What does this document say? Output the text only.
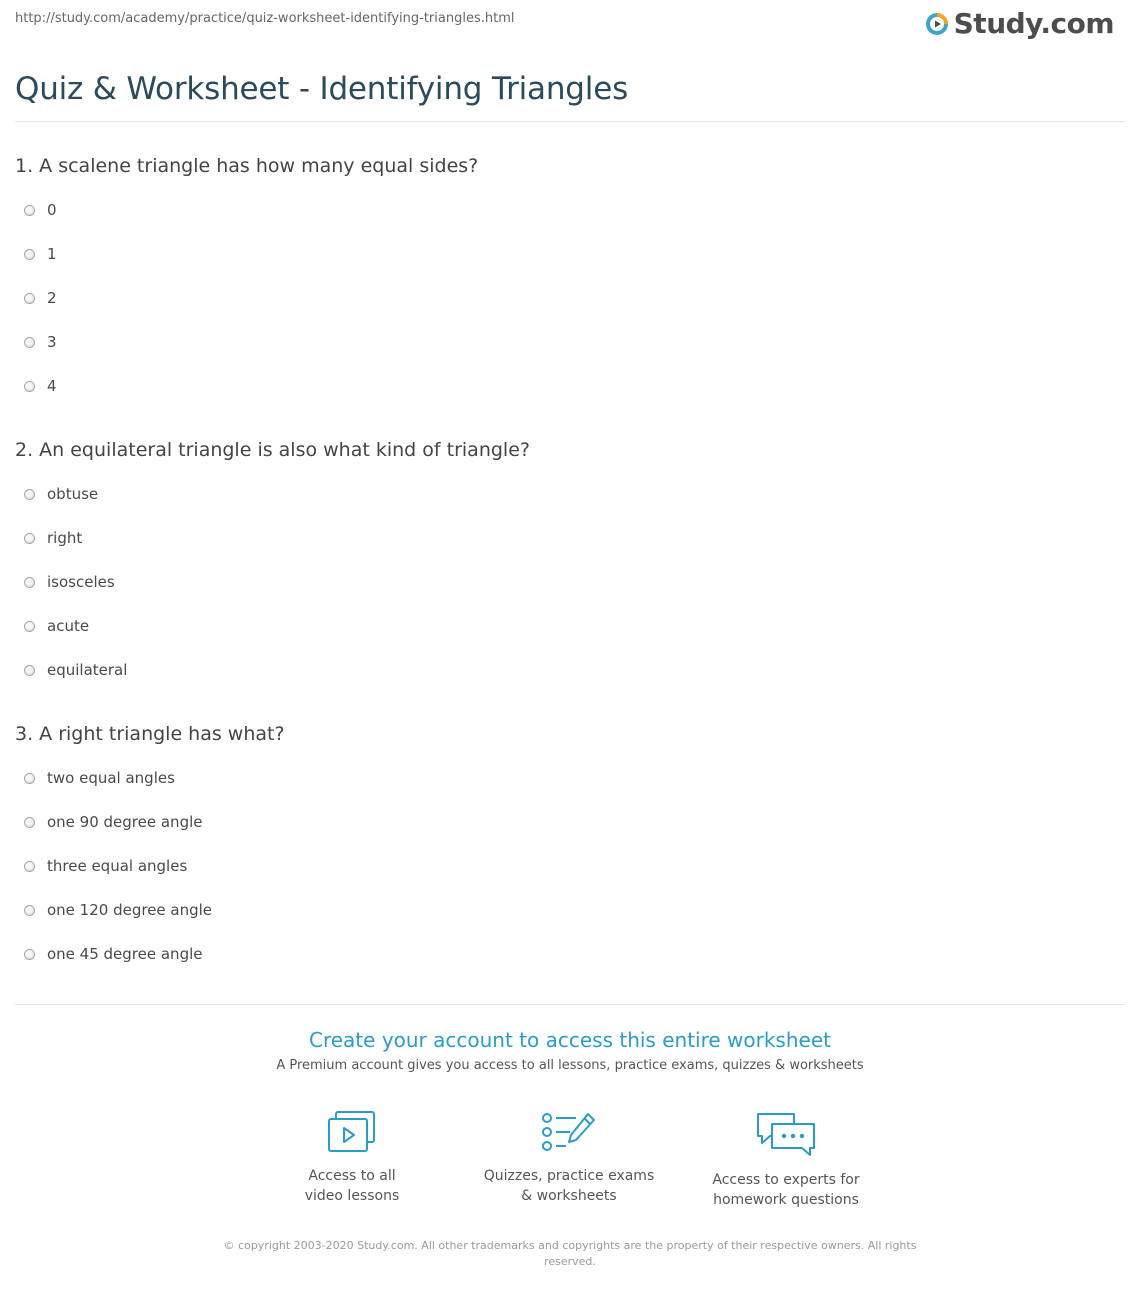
http://study.com/academy/practice/quiz-worksheet-identifying-triangles.html	Study.com
Quiz & Worksheet - Identifying Triangles
1. A scalene triangle has how many equal sides?
0
1
2
3
4
2. An equilateral triangle is also what kind of triangle?
obtuse
right
isosceles
acute
equilateral
3. A right triangle has what?
two equal angles
one 90 degree angle
three equal angles
one 120 degree angle
one 45 degree angle
Create your account to access this entire worksheet
A Premium account gives you access to all lessons, practice exams, quizzes & worksheets
Access to all
video lessons
Quizzes, practice exams
& worksheets
Access to experts for
homework questions
© copyright 2003-2020 Study.com. All other trademarks and copyrights are the property of their respective owners. All rights
reserved.
